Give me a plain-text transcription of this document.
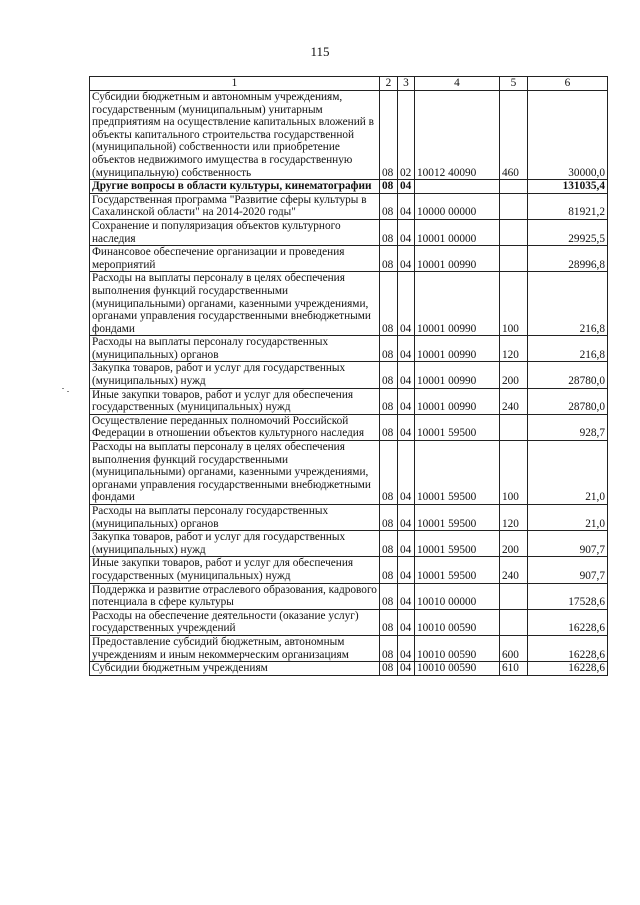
115
1	2	3	4	5	6
Субсидии бюджетным и автономным учреждениям, государственным (муниципальным) унитарным предприятиям на осуществление капитальных вложений в объекты капитального строительства государственной (муниципальной) собственности или приобретение объектов недвижимого имущества в государственную (муниципальную) собственность	08	02	10012 40090	460	30000,0
Другие вопросы в области культуры, кинематографии	08	04			131035,4
Государственная программа "Развитие сферы культуры в Сахалинской области" на 2014-2020 годы"	08	04	10000 00000		81921,2
Сохранение и популяризация объектов культурного наследия	08	04	10001 00000		29925,5
Финансовое обеспечение организации и проведения мероприятий	08	04	10001 00990		28996,8
Расходы на выплаты персоналу в целях обеспечения выполнения функций государственными (муниципальными) органами, казенными учреждениями, органами управления государственными внебюджетными фондами	08	04	10001 00990	100	216,8
Расходы на выплаты персоналу государственных (муниципальных) органов	08	04	10001 00990	120	216,8
Закупка товаров, работ и услуг для государственных (муниципальных) нужд	08	04	10001 00990	200	28780,0
Иные закупки товаров, работ и услуг для обеспечения государственных (муниципальных) нужд	08	04	10001 00990	240	28780,0
Осуществление переданных полномочий Российской Федерации в отношении объектов культурного наследия	08	04	10001 59500		928,7
Расходы на выплаты персоналу в целях обеспечения выполнения функций государственными (муниципальными) органами, казенными учреждениями, органами управления государственными внебюджетными фондами	08	04	10001 59500	100	21,0
Расходы на выплаты персоналу государственных (муниципальных) органов	08	04	10001 59500	120	21,0
Закупка товаров, работ и услуг для государственных (муниципальных) нужд	08	04	10001 59500	200	907,7
Иные закупки товаров, работ и услуг для обеспечения государственных (муниципальных) нужд	08	04	10001 59500	240	907,7
Поддержка и развитие отраслевого образования, кадрового потенциала в сфере культуры	08	04	10010 00000		17528,6
Расходы на обеспечение деятельности (оказание услуг) государственных учреждений	08	04	10010 00590		16228,6
Предоставление субсидий бюджетным, автономным учреждениям и иным некоммерческим организациям	08	04	10010 00590	600	16228,6
Субсидии бюджетным учреждениям	08	04	10010 00590	610	16228,6
